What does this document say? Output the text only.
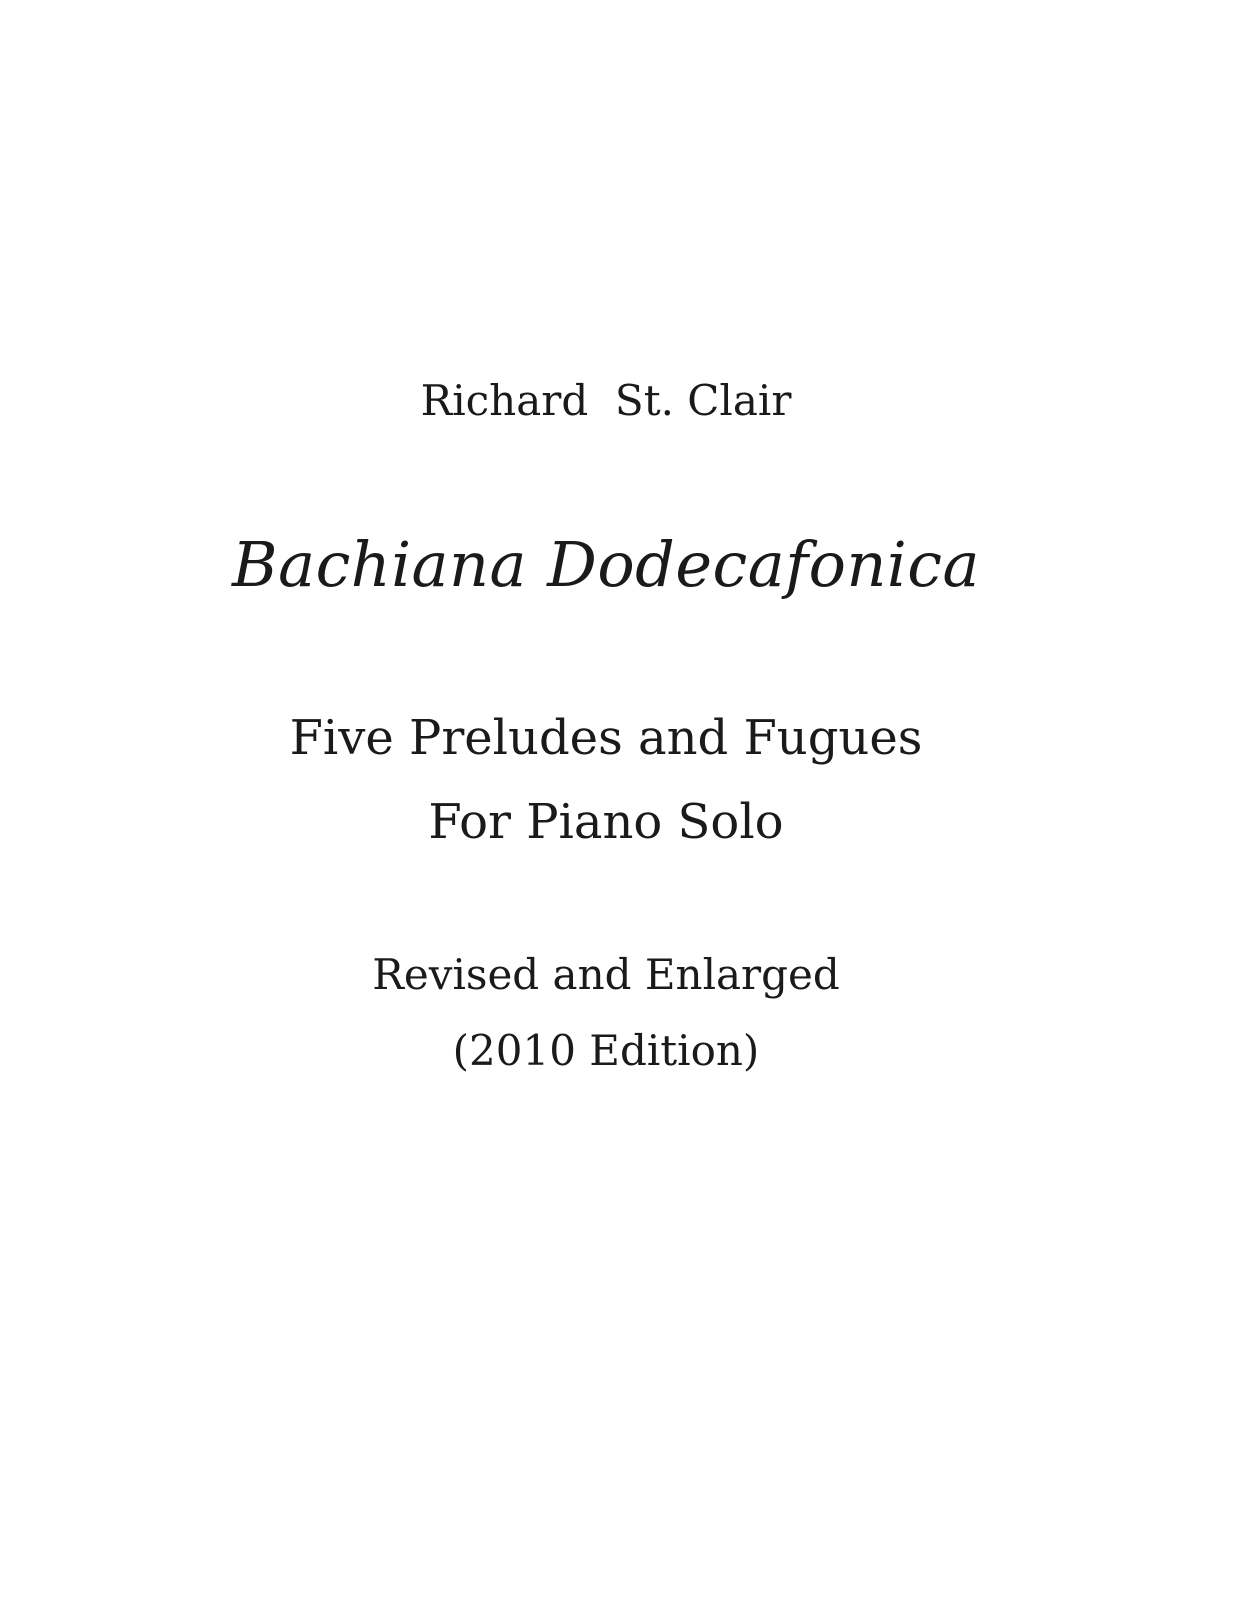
Richard  St. Clair
Bachiana Dodecafonica
Five Preludes and Fugues
For Piano Solo
Revised and Enlarged
(2010 Edition)
